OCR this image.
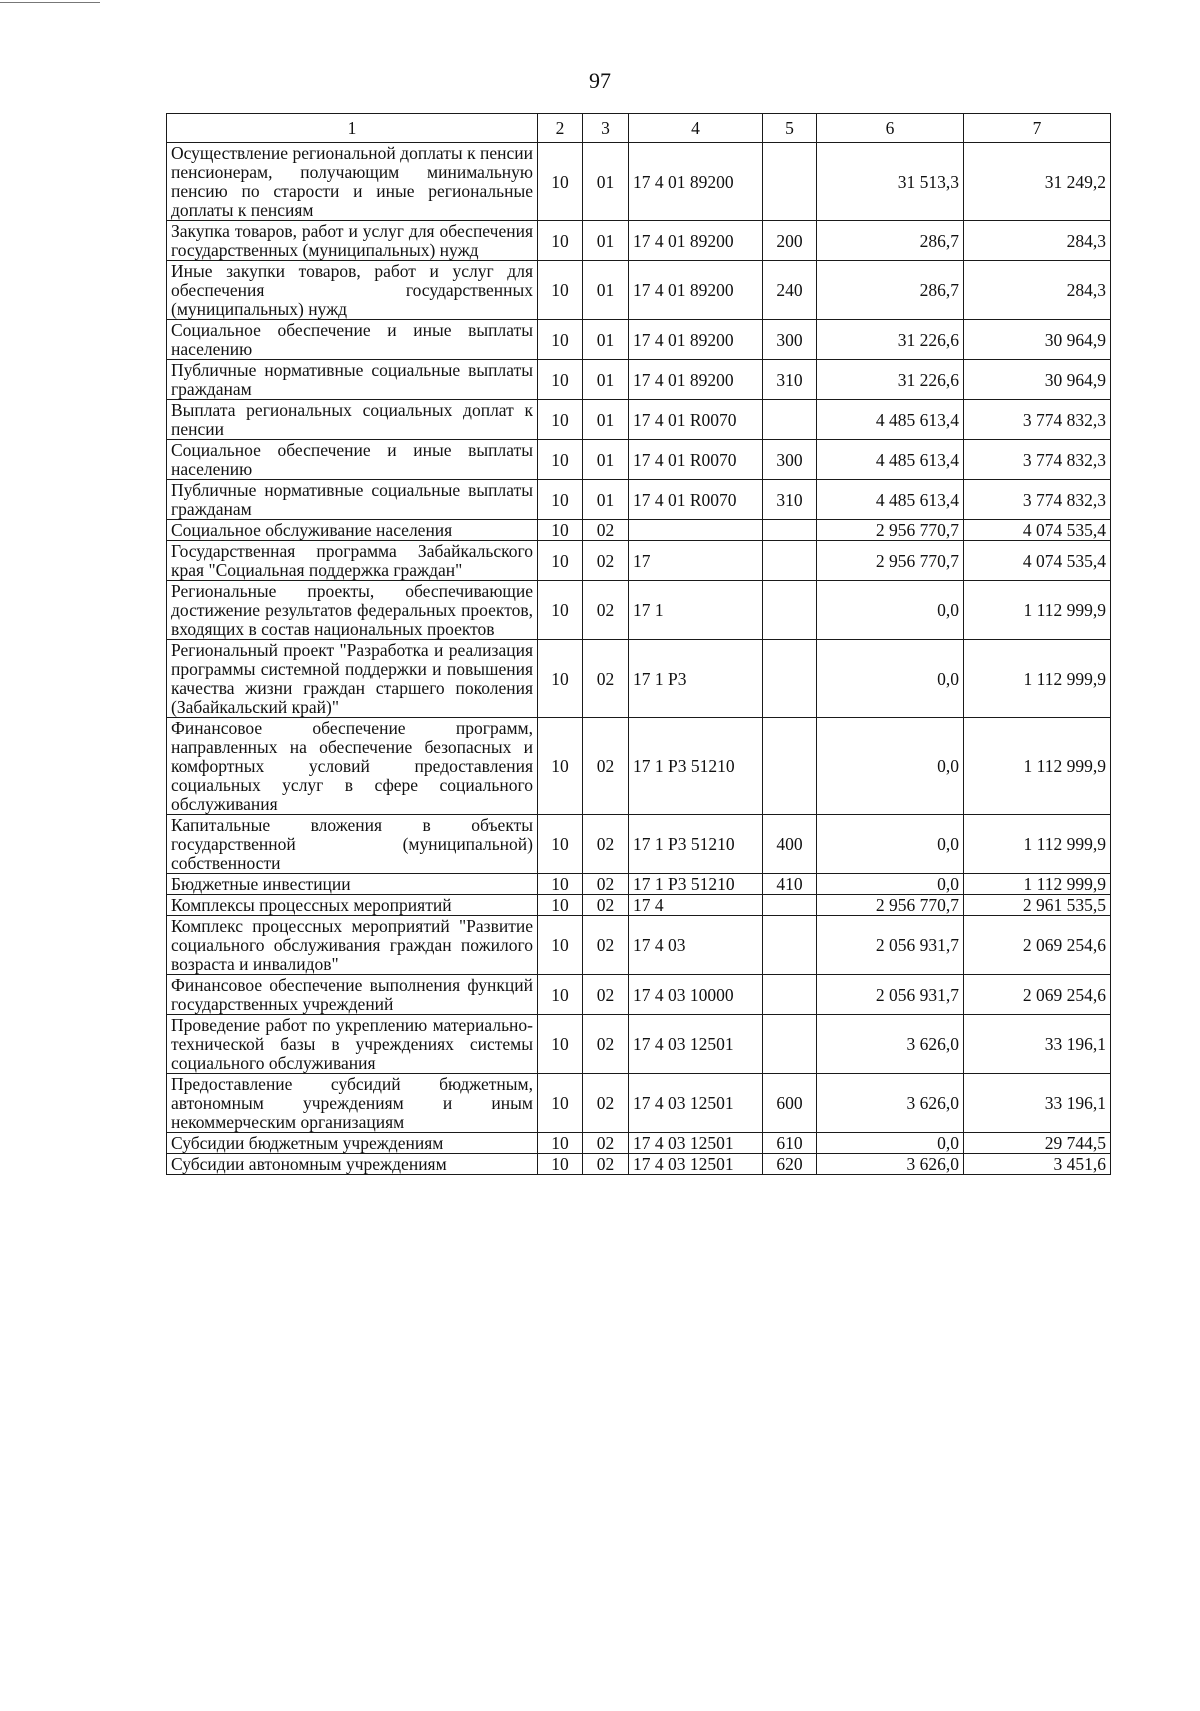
97
1	2	3	4	5	6	7
Осуществление региональной доплаты к пенсии пенсионерам, получающим минимальную пенсию по старости и иные региональные доплаты к пенсиям	10	01	17 4 01 89200		31 513,3	31 249,2
Закупка товаров, работ и услуг для обеспечения государственных (муниципальных) нужд	10	01	17 4 01 89200	200	286,7	284,3
Иные закупки товаров, работ и услуг для обеспечения государственных (муниципальных) нужд	10	01	17 4 01 89200	240	286,7	284,3
Социальное обеспечение и иные выплаты населению	10	01	17 4 01 89200	300	31 226,6	30 964,9
Публичные нормативные социальные выплаты гражданам	10	01	17 4 01 89200	310	31 226,6	30 964,9
Выплата региональных социальных доплат к пенсии	10	01	17 4 01 R0070		4 485 613,4	3 774 832,3
Социальное обеспечение и иные выплаты населению	10	01	17 4 01 R0070	300	4 485 613,4	3 774 832,3
Публичные нормативные социальные выплаты гражданам	10	01	17 4 01 R0070	310	4 485 613,4	3 774 832,3
Социальное обслуживание населения	10	02			2 956 770,7	4 074 535,4
Государственная программа Забайкальского края "Социальная поддержка граждан"	10	02	17		2 956 770,7	4 074 535,4
Региональные проекты, обеспечивающие достижение результатов федеральных проектов, входящих в состав национальных проектов	10	02	17 1		0,0	1 112 999,9
Региональный проект "Разработка и реализация программы системной поддержки и повышения качества жизни граждан старшего поколения (Забайкальский край)"	10	02	17 1 P3		0,0	1 112 999,9
Финансовое обеспечение программ, направленных на обеспечение безопасных и комфортных условий предоставления социальных услуг в сфере социального обслуживания	10	02	17 1 P3 51210		0,0	1 112 999,9
Капитальные вложения в объекты государственной (муниципальной) собственности	10	02	17 1 P3 51210	400	0,0	1 112 999,9
Бюджетные инвестиции	10	02	17 1 P3 51210	410	0,0	1 112 999,9
Комплексы процессных мероприятий	10	02	17 4		2 956 770,7	2 961 535,5
Комплекс процессных мероприятий "Развитие социального обслуживания граждан пожилого возраста и инвалидов"	10	02	17 4 03		2 056 931,7	2 069 254,6
Финансовое обеспечение выполнения функций государственных учреждений	10	02	17 4 03 10000		2 056 931,7	2 069 254,6
Проведение работ по укреплению материально-технической базы в учреждениях системы социального обслуживания	10	02	17 4 03 12501		3 626,0	33 196,1
Предоставление субсидий бюджетным, автономным учреждениям и иным некоммерческим организациям	10	02	17 4 03 12501	600	3 626,0	33 196,1
Субсидии бюджетным учреждениям	10	02	17 4 03 12501	610	0,0	29 744,5
Субсидии автономным учреждениям	10	02	17 4 03 12501	620	3 626,0	3 451,6
